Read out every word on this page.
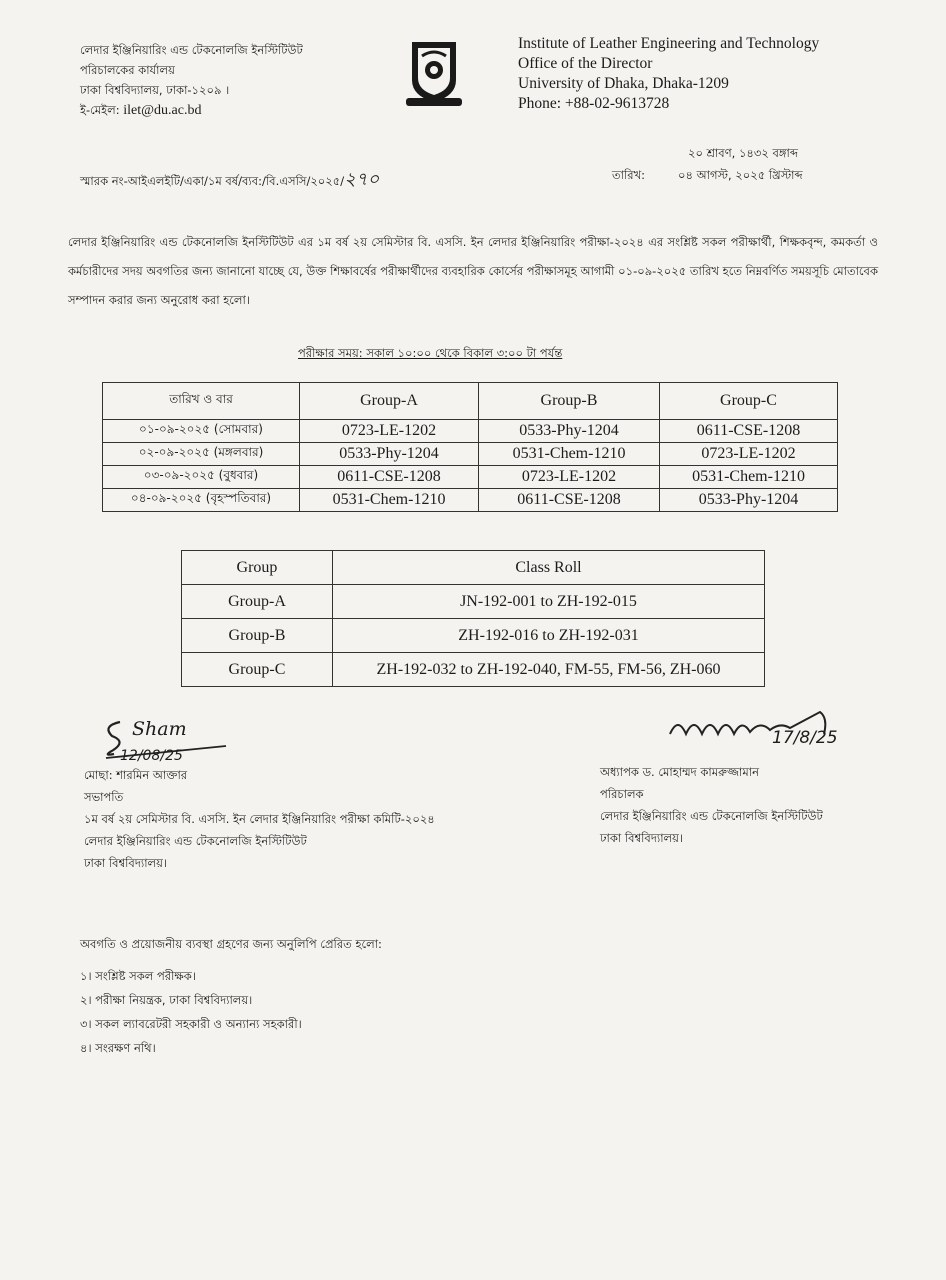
লেদার ইঞ্জিনিয়ারিং এন্ড টেকনোলজি ইনস্টিটিউট
পরিচালকের কার্যালয়
ঢাকা বিশ্ববিদ্যালয়, ঢাকা-১২০৯ ।
ই-মেইল: ilet@du.ac.bd
Institute of Leather Engineering and Technology
Office of the Director
University of Dhaka, Dhaka-1209
Phone: +88-02-9613728
স্মারক নং-আইএলইটি/একা/১ম বর্ষ/ব্যব:/বি.এসসি/২০২৫/২৭০
২০ শ্রাবণ, ১৪৩২ বঙ্গাব্দ
তারিখ:	০৪ আগস্ট, ২০২৫ খ্রিস্টাব্দ
লেদার ইঞ্জিনিয়ারিং এন্ড টেকনোলজি ইনস্টিটিউট এর ১ম বর্ষ ২য় সেমিস্টার বি. এসসি. ইন লেদার ইঞ্জিনিয়ারিং পরীক্ষা-২০২৪ এর সংশ্লিষ্ট সকল পরীক্ষার্থী, শিক্ষকবৃন্দ, কমকর্তা ও কর্মচারীদের সদয় অবগতির জন্য জানানো যাচ্ছে যে, উক্ত শিক্ষাবর্ষের পরীক্ষার্থীদের ব্যবহারিক কোর্সের পরীক্ষাসমূহ আগামী ০১-০৯-২০২৫ তারিখ হতে নিম্নবর্ণিত সময়সূচি মোতাবেক সম্পাদন করার জন্য অনুরোধ করা হলো।
পরীক্ষার সময়: সকাল ১০:০০ থেকে বিকাল ৩:০০ টা পর্যন্ত
তারিখ ও বার	Group-A	Group-B	Group-C
০১-০৯-২০২৫ (সোমবার)	0723-LE-1202	0533-Phy-1204	0611-CSE-1208
০২-০৯-২০২৫ (মঙ্গলবার)	0533-Phy-1204	0531-Chem-1210	0723-LE-1202
০৩-০৯-২০২৫ (বুধবার)	0611-CSE-1208	0723-LE-1202	0531-Chem-1210
০৪-০৯-২০২৫ (বৃহস্পতিবার)	0531-Chem-1210	0611-CSE-1208	0533-Phy-1204
Group	Class Roll
Group-A	JN-192-001 to ZH-192-015
Group-B	ZH-192-016 to ZH-192-031
Group-C	ZH-192-032 to ZH-192-040, FM-55, FM-56, ZH-060
Sham
12/08/25
মোছা: শারমিন আক্তার
সভাপতি
১ম বর্ষ ২য় সেমিস্টার বি. এসসি. ইন লেদার ইঞ্জিনিয়ারিং পরীক্ষা কমিটি-২০২৪
লেদার ইঞ্জিনিয়ারিং এন্ড টেকনোলজি ইনস্টিটিউট
ঢাকা বিশ্ববিদ্যালয়।
17/8/25
অধ্যাপক ড. মোহাম্মদ কামরুজ্জামান
পরিচালক
লেদার ইঞ্জিনিয়ারিং এন্ড টেকনোলজি ইনস্টিটিউট
ঢাকা বিশ্ববিদ্যালয়।
অবগতি ও প্রয়োজনীয় ব্যবস্থা গ্রহণের জন্য অনুলিপি প্রেরিত হলো:
১। সংশ্লিষ্ট সকল পরীক্ষক।
২। পরীক্ষা নিয়ন্ত্রক, ঢাকা বিশ্ববিদ্যালয়।
৩। সকল ল্যাবরেটরী সহকারী ও অন্যান্য সহকারী।
৪। সংরক্ষণ নথি।
